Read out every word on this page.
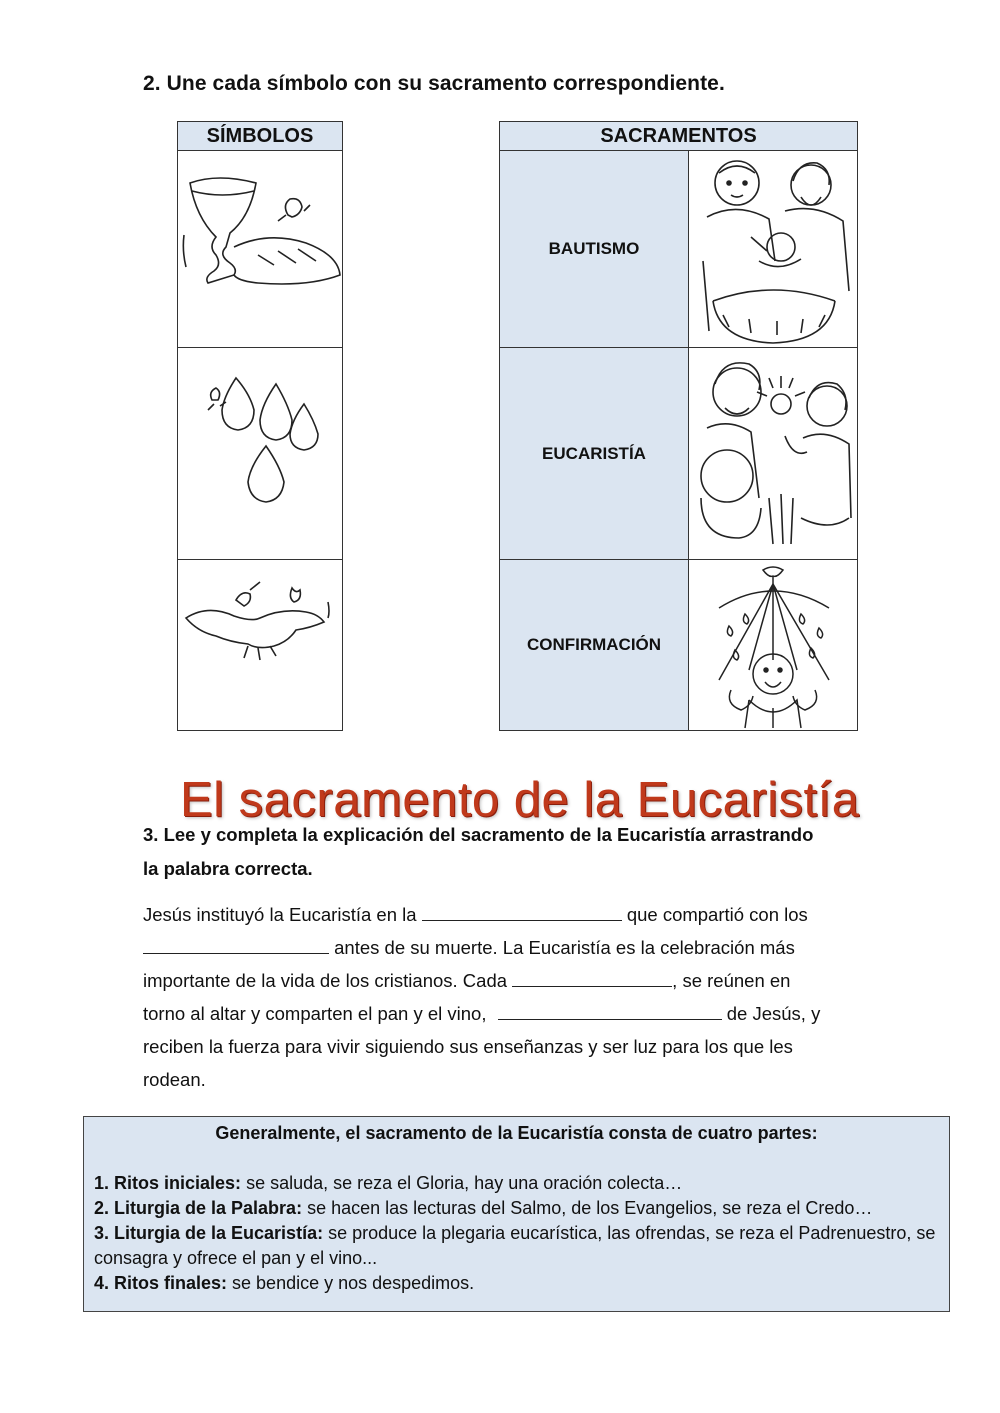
2. Une cada símbolo con su sacramento correspondiente.
SÍMBOLOS	SACRAMENTOS	
BAUTISMO	

EUCARISTÍA	

CONFIRMACIÓN	
El sacramento de la Eucaristía
3. Lee y completa la explicación del sacramento de la Eucaristía arrastrando
la palabra correcta.
Jesús instituyó la Eucaristía en la	que compartió con los
antes de su muerte. La Eucaristía es la celebración más
importante de la vida de los cristianos. Cada	, se reúnen en
torno al altar y comparten el pan y el vino,	de Jesús, y
reciben la fuerza para vivir siguiendo sus enseñanzas y ser luz para los que les
rodean.
Generalmente, el sacramento de la Eucaristía consta de cuatro partes:
1. Ritos iniciales: se saluda, se reza el Gloria, hay una oración colecta…
2. Liturgia de la Palabra: se hacen las lecturas del Salmo, de los Evangelios, se reza el Credo…
3. Liturgia de la Eucaristía: se produce la plegaria eucarística, las ofrendas, se reza el Padrenuestro, se consagra y ofrece el pan y el vino...
4. Ritos finales: se bendice y nos despedimos.
